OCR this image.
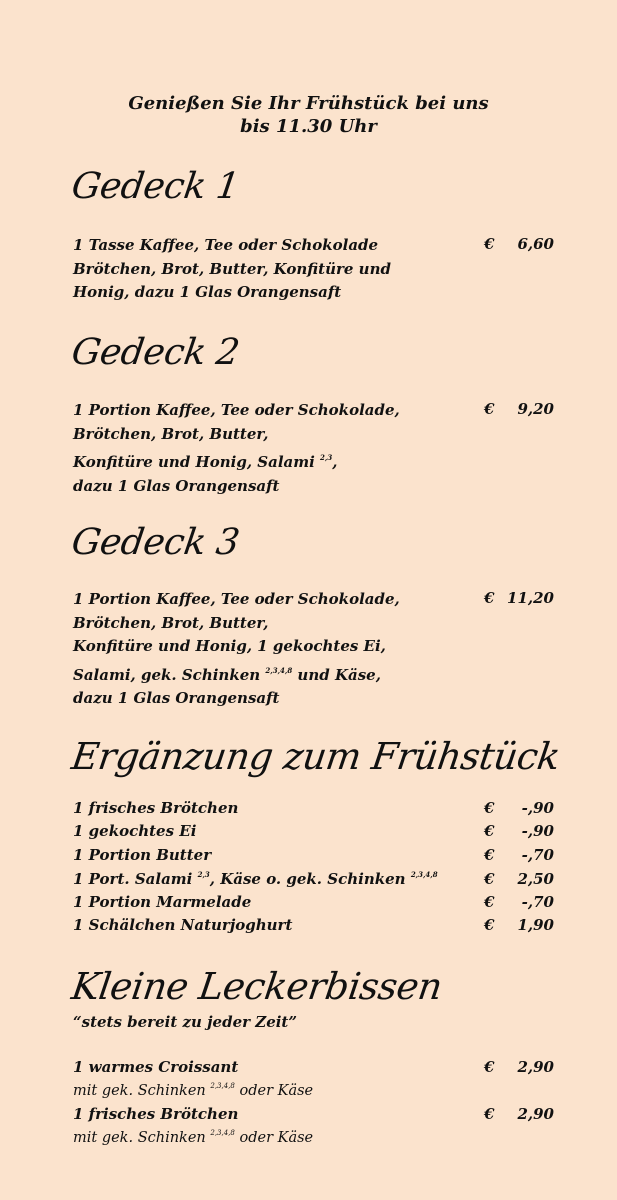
Genießen Sie Ihr Frühstück bei uns
bis 11.30 Uhr
Gedeck 1
1 Tasse Kaffee, Tee oder Schokolade
Brötchen, Brot, Butter, Konfitüre und
Honig, dazu 1 Glas Orangensaft
€ 6,60
Gedeck 2
1 Portion Kaffee, Tee oder Schokolade,
Brötchen, Brot, Butter,
Konfitüre und Honig, Salami $^{2,3}$,
dazu 1 Glas Orangensaft
€ 9,20
Gedeck 3
1 Portion Kaffee, Tee oder Schokolade,
Brötchen, Brot, Butter,
Konfitüre und Honig, 1 gekochtes Ei,
Salami, gek. Schinken $^{2,3,4,8}$ und Käse,
dazu 1 Glas Orangensaft
€ 11,20
Ergänzung zum Frühstück
1 frisches Brötchen	€ -,90
1 gekochtes Ei	€ -,90
1 Portion Butter	€ -,70
1 Port. Salami $^{2,3}$, Käse o. gek. Schinken $^{2,3,4,8}$	€ 2,50
1 Portion Marmelade	€ -,70
1 Schälchen Naturjoghurt	€ 1,90
Kleine Leckerbissen
“stets bereit zu jeder Zeit”
1 warmes Croissant	€ 2,90
mit gek. Schinken $^{2,3,4,8}$ oder Käse
1 frisches Brötchen	€ 2,90
mit gek. Schinken $^{2,3,4,8}$ oder Käse
